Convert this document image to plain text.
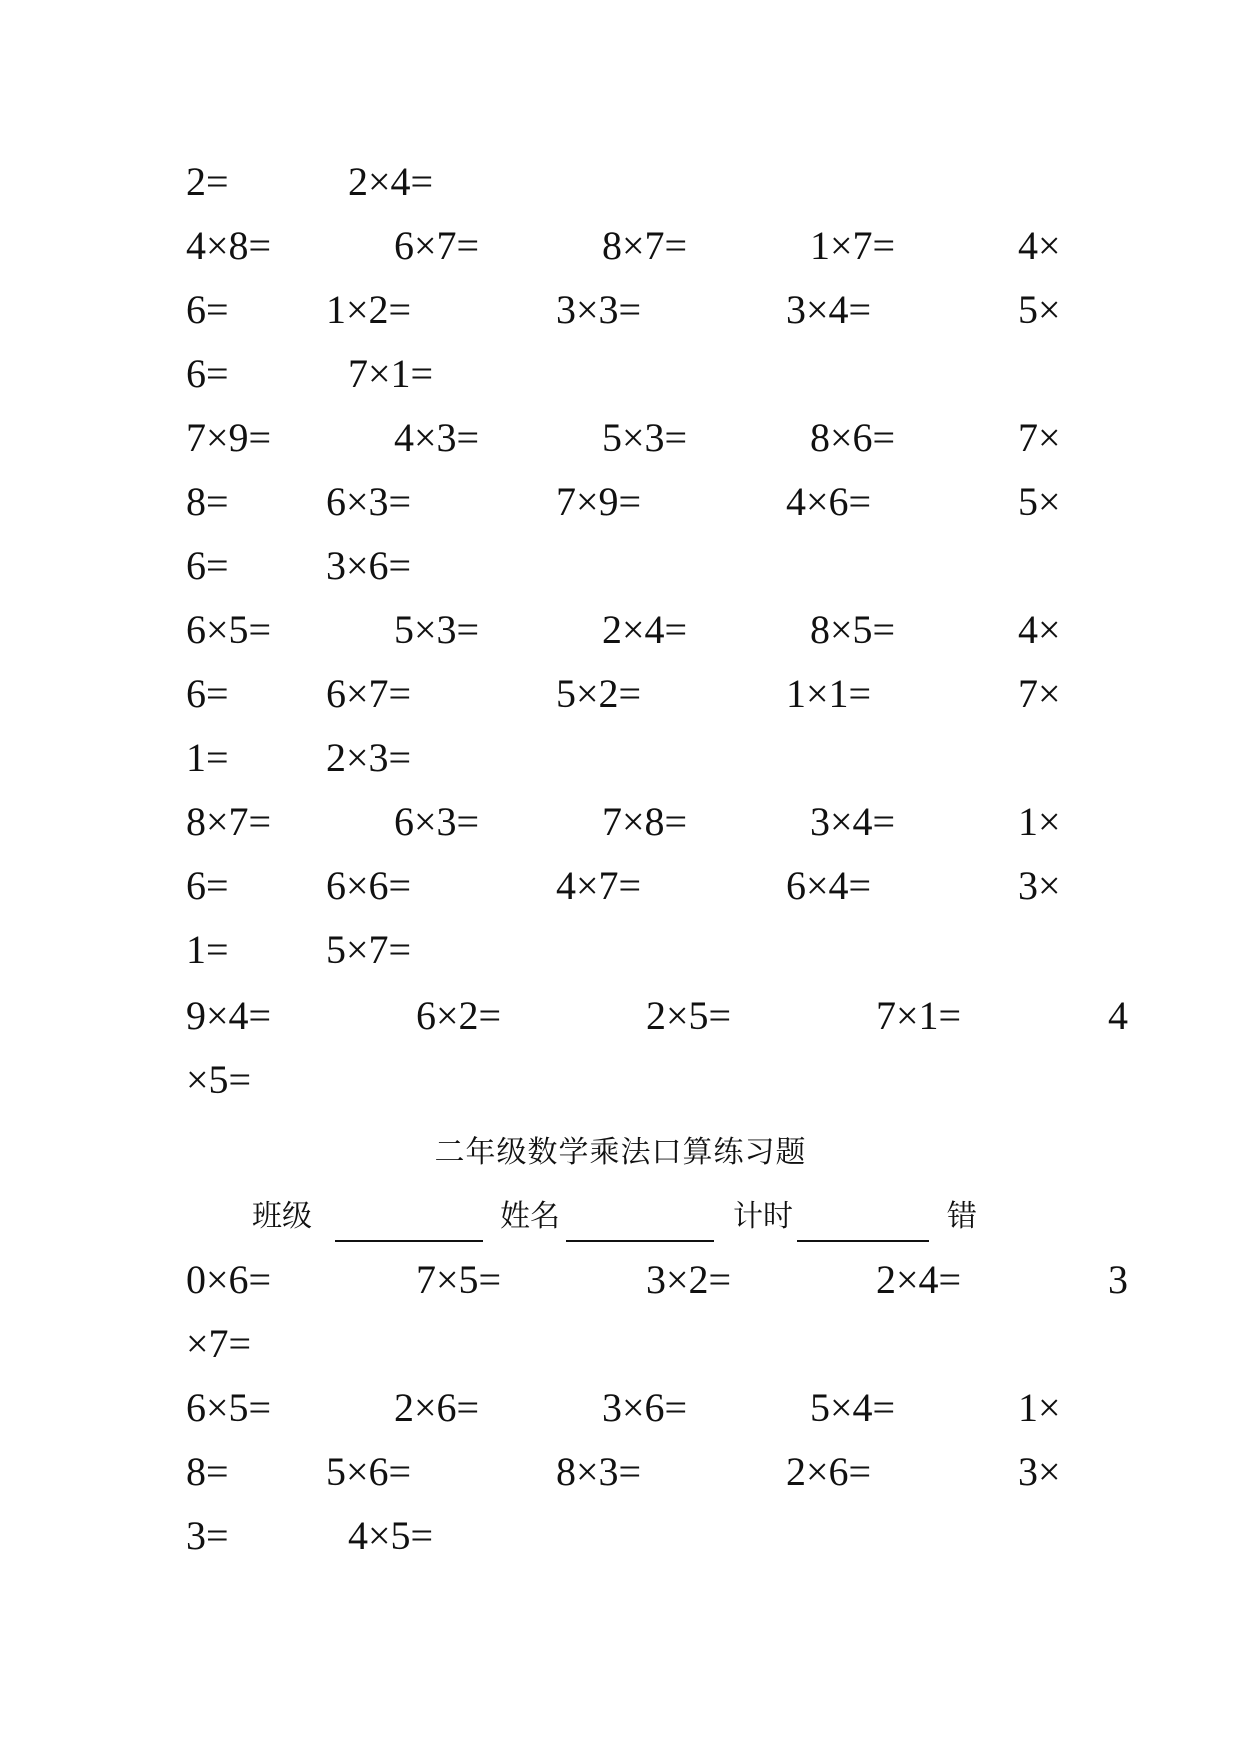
2=	2×4=
4×8=	6×7=	8×7=	1×7=	4×
6= 1×2=	3×3=	3×4=	5×
6=	7×1=
7×9=	4×3=	5×3=	8×6=	7×
8= 6×3=	7×9=	4×6=	5×
6= 3×6=
6×5=	5×3=	2×4=	8×5=	4×
6= 6×7=	5×2=	1×1=	7×
1= 2×3=
8×7=	6×3=	7×8=	3×4=	1×
6= 6×6=	4×7=	6×4=	3×
1= 5×7=
9×4=	6×2=	2×5=	7×1=	4
×5=
二年级数学乘法口算练习题
班级	姓名	计时	错
0×6=	7×5=	3×2=	2×4=	3
×7=
6×5=	2×6=	3×6=	5×4=	1×
8= 5×6=	8×3=	2×6=	3×
3=	4×5=
